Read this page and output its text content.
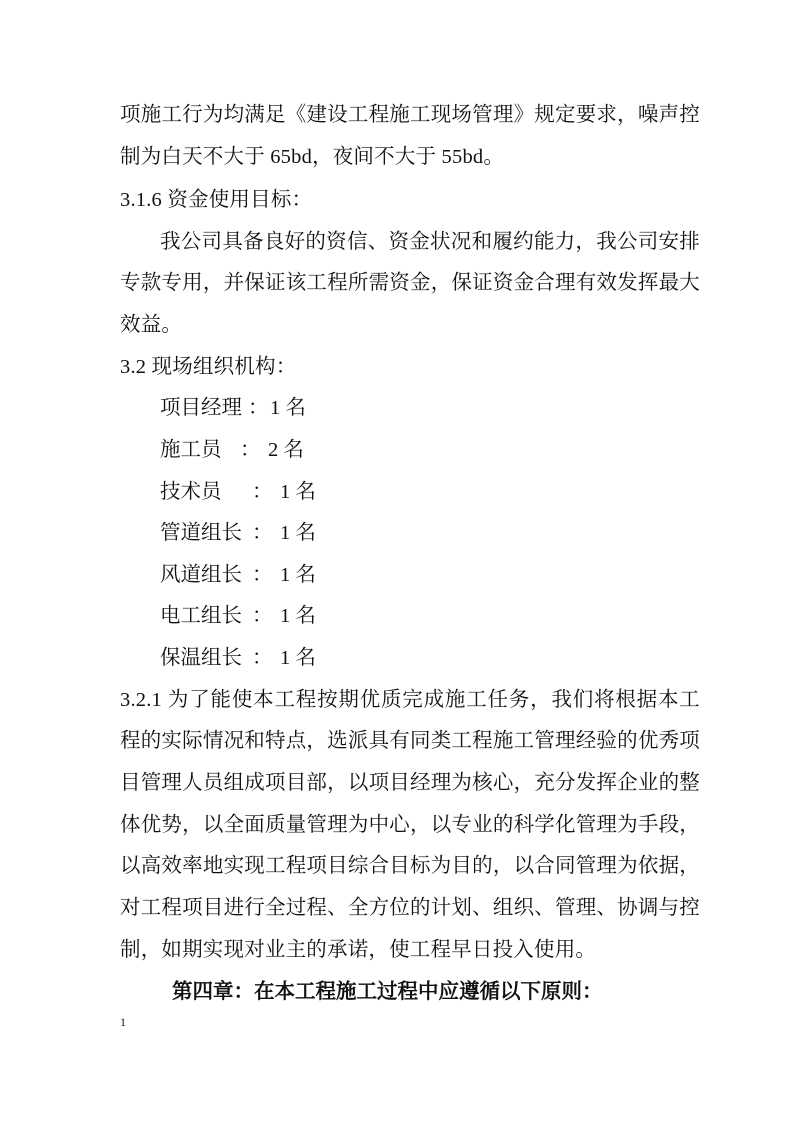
项施工行为均满足《建设工程施工现场管理》规定要求，噪声控
制为白天不大于 65bd，夜间不大于 55bd。
3.1.6 资金使用目标：
我公司具备良好的资信、资金状况和履约能力，我公司安排
专款专用，并保证该工程所需资金，保证资金合理有效发挥最大
效益。
3.2 现场组织机构：
项目经理 ： 1 名
施工员 ： 2 名
技术员 ： 1 名
管道组长 ： 1 名
风道组长 ： 1 名
电工组长 ： 1 名
保温组长 ： 1 名
3.2.1 为了能使本工程按期优质完成施工任务，我们将根据本工
程的实际情况和特点，选派具有同类工程施工管理经验的优秀项
目管理人员组成项目部，以项目经理为核心，充分发挥企业的整
体优势，以全面质量管理为中心，以专业的科学化管理为手段，
以高效率地实现工程项目综合目标为目的，以合同管理为依据，
对工程项目进行全过程、全方位的计划、组织、管理、协调与控
制，如期实现对业主的承诺，使工程早日投入使用。
第四章：在本工程施工过程中应遵循以下原则：
1
